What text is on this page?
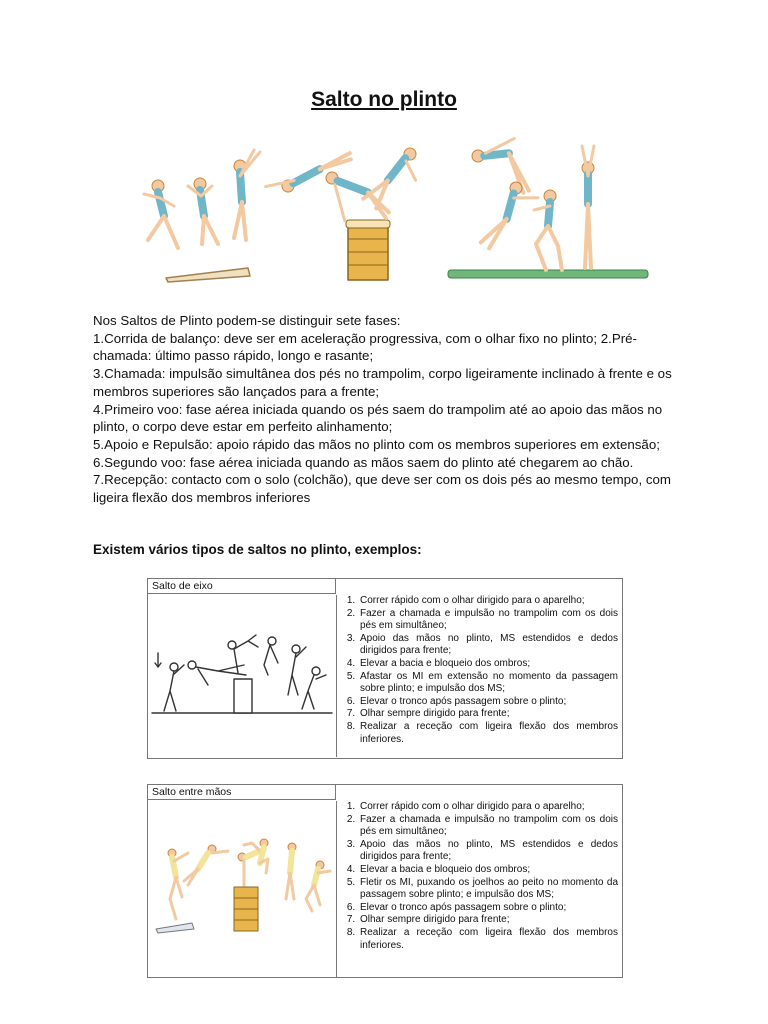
Salto no plinto

Nos Saltos de Plinto podem-se distinguir sete fases:

1.Corrida de balanço: deve ser em aceleração progressiva, com o olhar fixo no plinto; 2.Pré-chamada: último passo rápido, longo e rasante;

3.Chamada: impulsão simultânea dos pés no trampolim, corpo ligeiramente inclinado à frente e os membros superiores são lançados para a frente;

4.Primeiro voo: fase aérea iniciada quando os pés saem do trampolim até ao apoio das mãos no plinto, o corpo deve estar em perfeito alinhamento;

5.Apoio e Repulsão: apoio rápido das mãos no plinto com os membros superiores em extensão;

6.Segundo voo: fase aérea iniciada quando as mãos saem do plinto até chegarem ao chão.

7.Recepção: contacto com o solo (colchão), que deve ser com os dois pés ao mesmo tempo, com ligeira flexão dos membros inferiores

Existem vários tipos de saltos no plinto, exemplos:
Salto de eixo
1. Correr rápido com o olhar dirigido para o aparelho;
2. Fazer a chamada e impulsão no trampolim com os dois pés em simultâneo;
3. Apoio das mãos no plinto, MS estendidos e dedos dirigidos para frente;
4. Elevar a bacia e bloqueio dos ombros;
5. Afastar os MI em extensão no momento da passagem sobre plinto; e impulsão dos MS;
6. Elevar o tronco após passagem sobre o plinto;
7. Olhar sempre dirigido para frente;
8. Realizar a receção com ligeira flexão dos membros inferiores.
Salto entre mãos
1. Correr rápido com o olhar dirigido para o aparelho;
2. Fazer a chamada e impulsão no trampolim com os dois pés em simultâneo;
3. Apoio das mãos no plinto, MS estendidos e dedos dirigidos para frente;
4. Elevar a bacia e bloqueio dos ombros;
5. Fletir os MI, puxando os joelhos ao peito no momento da passagem sobre plinto; e impulsão dos MS;
6. Elevar o tronco após passagem sobre o plinto;
7. Olhar sempre dirigido para frente;
8. Realizar a receção com ligeira flexão dos membros inferiores.
